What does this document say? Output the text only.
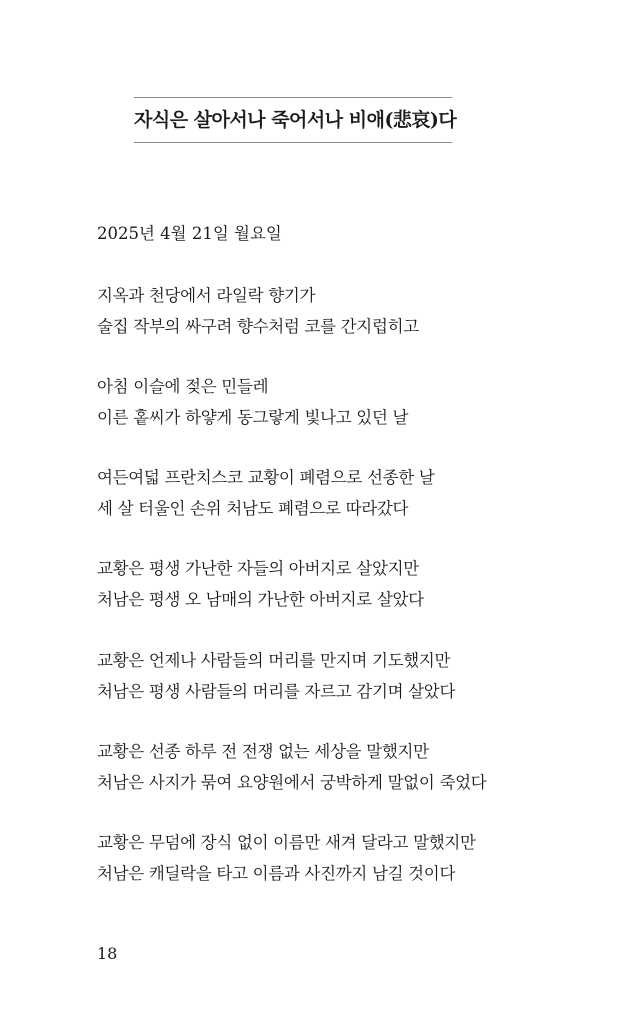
자식은 살아서나 죽어서나 비애(悲哀)다
2025년 4월 21일 월요일
지옥과 천당에서 라일락 향기가
술집 작부의 싸구려 향수처럼 코를 간지럽히고
아침 이슬에 젖은 민들레
이른 홑씨가 하얗게 동그랗게 빛나고 있던 날
여든여덟 프란치스코 교황이 폐렴으로 선종한 날
세 살 터울인 손위 처남도 폐렴으로 따라갔다
교황은 평생 가난한 자들의 아버지로 살았지만
처남은 평생 오 남매의 가난한 아버지로 살았다
교황은 언제나 사람들의 머리를 만지며 기도했지만
처남은 평생 사람들의 머리를 자르고 감기며 살았다
교황은 선종 하루 전 전쟁 없는 세상을 말했지만
처남은 사지가 묶여 요양원에서 궁박하게 말없이 죽었다
교황은 무덤에 장식 없이 이름만 새겨 달라고 말했지만
처남은 캐딜락을 타고 이름과 사진까지 남길 것이다
18
